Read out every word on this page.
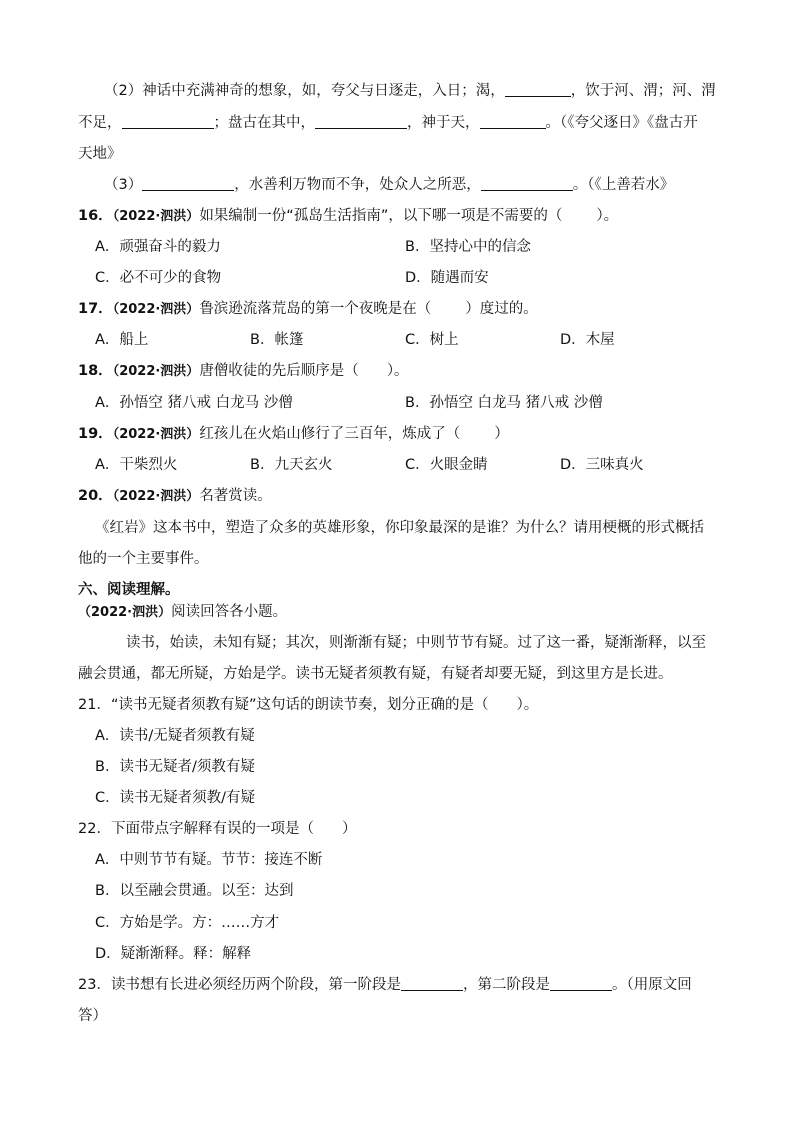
（2）神话中充满神奇的想象，如，夸父与日逐走，入日；渴，	，饮于河、渭；河、渭
不足，	；盘古在其中，	，神于天，	。（《夸父逐日》《盘古开
天地》
（3）	，水善利万物而不争，处众人之所恶，	。（《上善若水》
16．（2022·泗洪）如果编制一份“孤岛生活指南”，以下哪一项是不需要的（ ）。
A．顽强奋斗的毅力	B．坚持心中的信念
C．必不可少的食物	D．随遇而安
17．（2022·泗洪）鲁滨逊流落荒岛的第一个夜晚是在（ ）度过的。
A．船上	B．帐篷	C．树上	D．木屋
18．（2022·泗洪）唐僧收徒的先后顺序是（ ）。
A．孙悟空 猪八戒 白龙马 沙僧	B．孙悟空 白龙马 猪八戒 沙僧
19．（2022·泗洪）红孩儿在火焰山修行了三百年，炼成了（ ）
A．干柴烈火	B．九天玄火	C．火眼金睛	D．三味真火
20．（2022·泗洪）名著赏读。
《红岩》这本书中，塑造了众多的英雄形象，你印象最深的是谁？为什么？请用梗概的形式概括
他的一个主要事件。
六、阅读理解。
（2022·泗洪）阅读回答各小题。
读书，始读，未知有疑；其次，则渐渐有疑；中则节节有疑。过了这一番，疑渐渐释，以至
融会贯通，都无所疑，方始是学。读书无疑者须教有疑，有疑者却要无疑，到这里方是长进。
21．“读书无疑者须教有疑”这句话的朗读节奏，划分正确的是（ ）。
A．读书/无疑者须教有疑
B．读书无疑者/须教有疑
C．读书无疑者须教/有疑
22．下面带点字解释有误的一项是（ ）
A．中则节节有疑。节节：接连不断
B．以至融会贯通。以至：达到
C．方始是学。方：……方才
D．疑渐渐释。释：解释
23．读书想有长进必须经历两个阶段，第一阶段是	，第二阶段是	。（用原文回
答）
